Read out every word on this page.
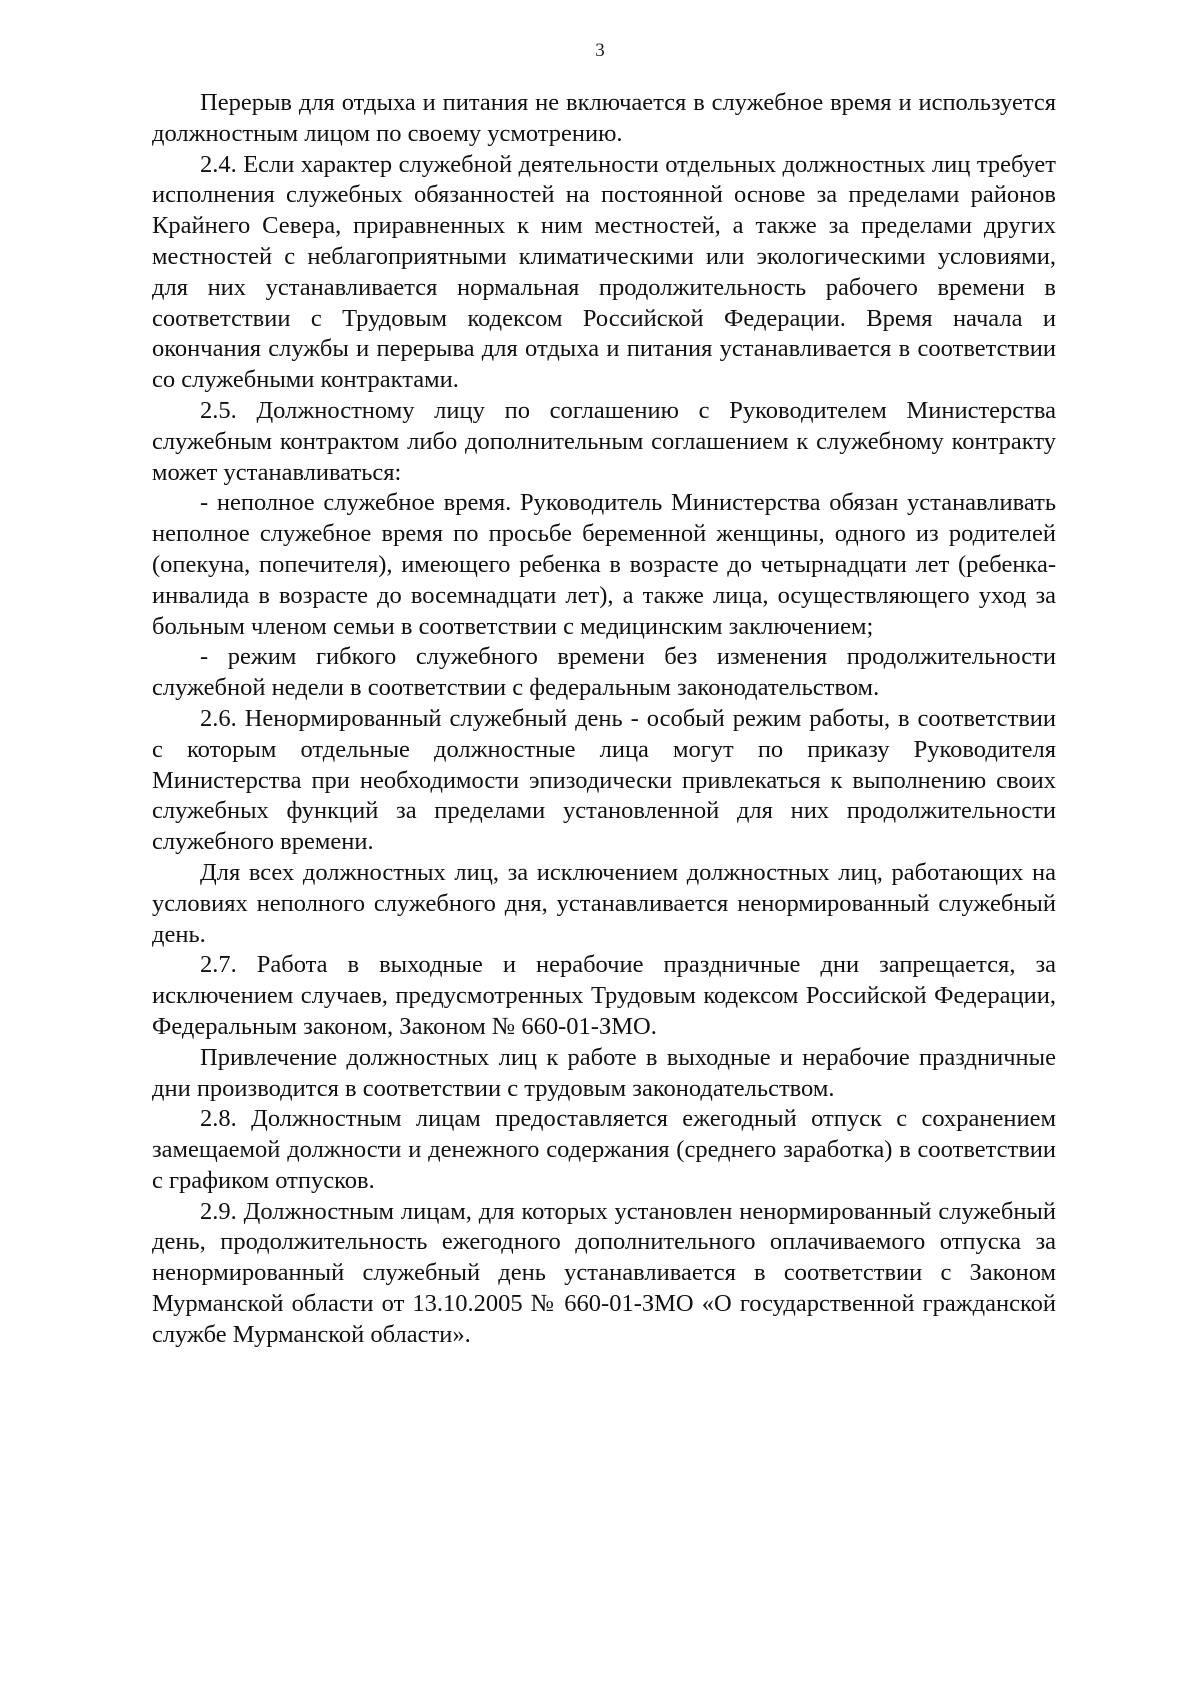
3

Перерыв для отдыха и питания не включается в служебное время и используется должностным лицом по своему усмотрению.

2.4. Если характер служебной деятельности отдельных должностных лиц требует исполнения служебных обязанностей на постоянной основе за пределами районов Крайнего Севера, приравненных к ним местностей, а также за пределами других местностей с неблагоприятными климатическими или экологическими условиями, для них устанавливается нормальная продолжительность рабочего времени в соответствии с Трудовым кодексом Российской Федерации. Время начала и окончания службы и перерыва для отдыха и питания устанавливается в соответствии со служебными контрактами.

2.5. Должностному лицу по соглашению с Руководителем Министерства служебным контрактом либо дополнительным соглашением к служебному контракту может устанавливаться:

- неполное служебное время. Руководитель Министерства обязан устанавливать неполное служебное время по просьбе беременной женщины, одного из родителей (опекуна, попечителя), имеющего ребенка в возрасте до четырнадцати лет (ребенка-инвалида в возрасте до восемнадцати лет), а также лица, осуществляющего уход за больным членом семьи в соответствии с медицинским заключением;

- режим гибкого служебного времени без изменения продолжительности служебной недели в соответствии с федеральным законодательством.

2.6. Ненормированный служебный день - особый режим работы, в соответствии с которым отдельные должностные лица могут по приказу Руководителя Министерства при необходимости эпизодически привлекаться к выполнению своих служебных функций за пределами установленной для них продолжительности служебного времени.

Для всех должностных лиц, за исключением должностных лиц, работающих на условиях неполного служебного дня, устанавливается ненормированный служебный день.

2.7. Работа в выходные и нерабочие праздничные дни запрещается, за исключением случаев, предусмотренных Трудовым кодексом Российской Федерации, Федеральным законом, Законом № 660-01-ЗМО.

Привлечение должностных лиц к работе в выходные и нерабочие праздничные дни производится в соответствии с трудовым законодательством.

2.8. Должностным лицам предоставляется ежегодный отпуск с сохранением замещаемой должности и денежного содержания (среднего заработка) в соответствии с графиком отпусков.

2.9. Должностным лицам, для которых установлен ненормированный служебный день, продолжительность ежегодного дополнительного оплачиваемого отпуска за ненормированный служебный день устанавливается в соответствии с Законом Мурманской области от 13.10.2005 № 660-01-ЗМО «О государственной гражданской службе Мурманской области».
